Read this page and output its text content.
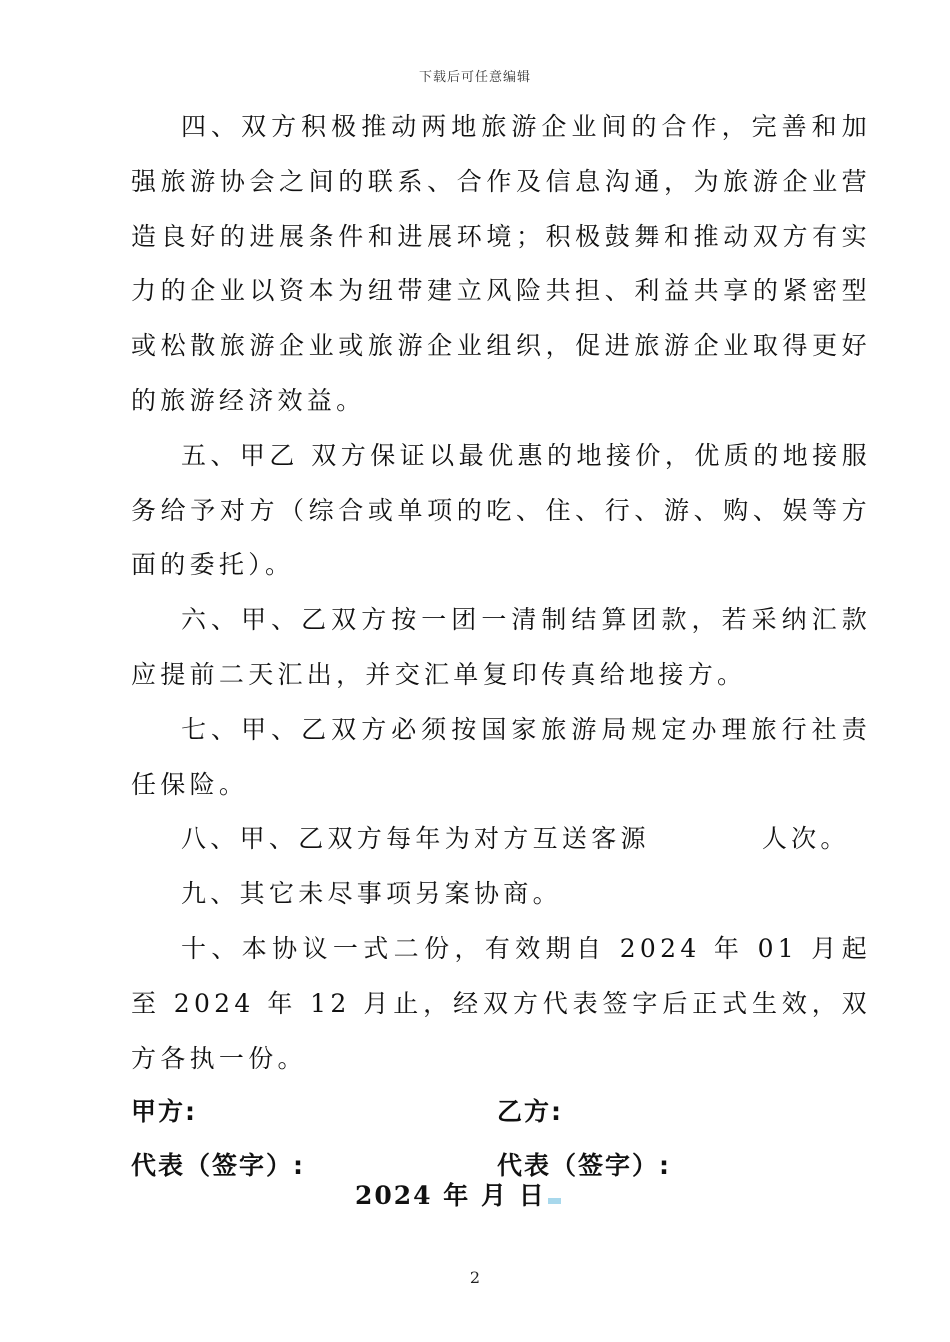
下载后可任意编辑

四、双方积极推动两地旅游企业间的合作，完善和加强旅游协会之间的联系、合作及信息沟通，为旅游企业营造良好的进展条件和进展环境；积极鼓舞和推动双方有实力的企业以资本为纽带建立风险共担、利益共享的紧密型或松散旅游企业或旅游企业组织，促进旅游企业取得更好的旅游经济效益。

五、甲乙 双方保证以最优惠的地接价，优质的地接服务给予对方（综合或单项的吃、住、行、游、购、娱等方面的委托）。

六、甲、乙双方按一团一清制结算团款，若采纳汇款应提前二天汇出，并交汇单复印传真给地接方。

七、甲、乙双方必须按国家旅游局规定办理旅行社责任保险。

八、甲、乙双方每年为对方互送客源	人次。

九、其它未尽事项另案协商。

十、本协议一式二份，有效期自 2024 年 01 月起至 2024 年 12 月止，经双方代表签字后正式生效，双方各执一份。

甲方:	乙方:
代表（签字）:	代表（签字）:
2024 年 月 日
2
